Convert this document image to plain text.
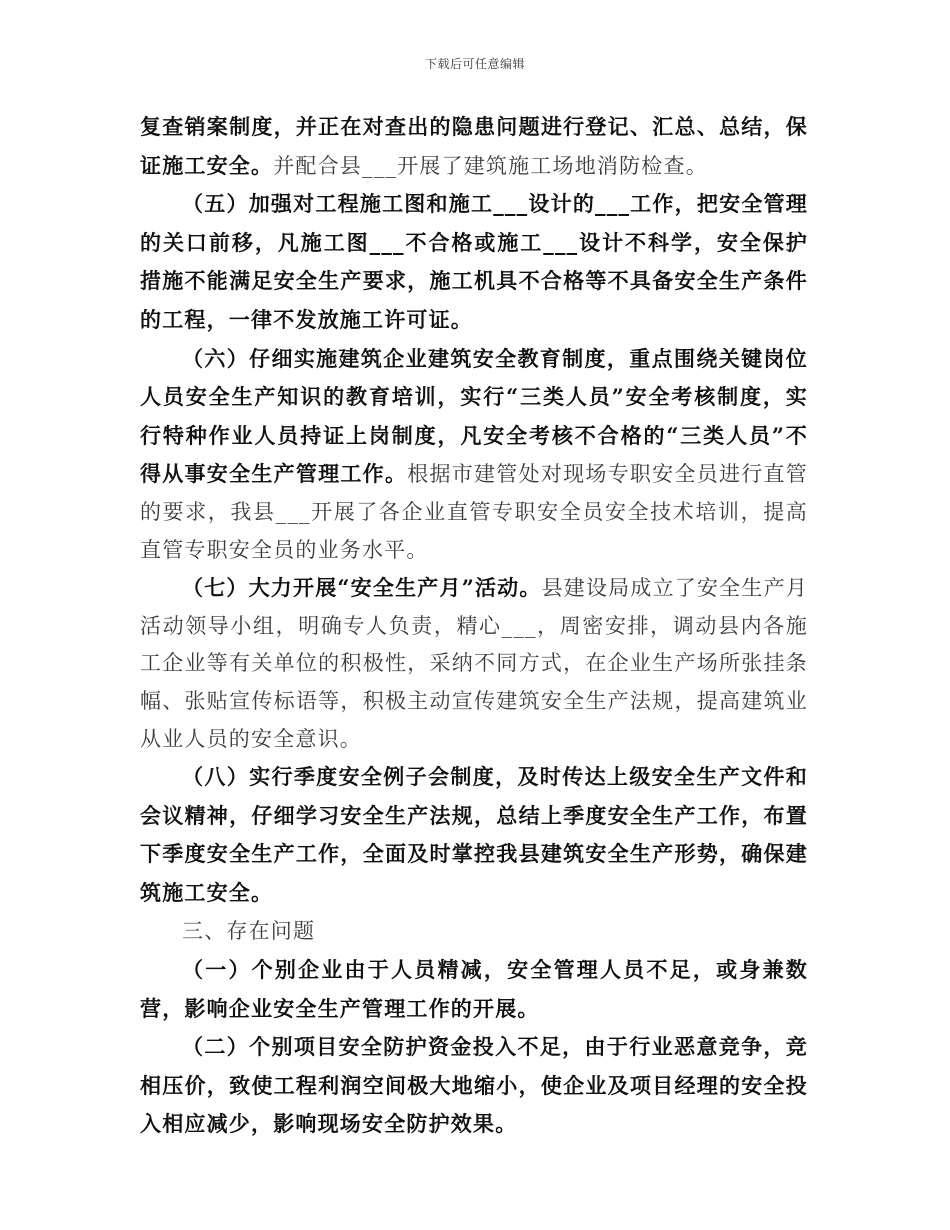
下载后可任意编辑

复查销案制度，并正在对查出的隐患问题进行登记、汇总、总结，保证施工安全。并配合县___开展了建筑施工场地消防检查。

（五）加强对工程施工图和施工___设计的___工作，把安全管理的关口前移，凡施工图___不合格或施工___设计不科学，安全保护措施不能满足安全生产要求，施工机具不合格等不具备安全生产条件的工程，一律不发放施工许可证。

（六）仔细实施建筑企业建筑安全教育制度，重点围绕关键岗位人员安全生产知识的教育培训，实行“三类人员”安全考核制度，实行特种作业人员持证上岗制度，凡安全考核不合格的“三类人员”不得从事安全生产管理工作。根据市建管处对现场专职安全员进行直管的要求，我县___开展了各企业直管专职安全员安全技术培训，提高直管专职安全员的业务水平。

（七）大力开展“安全生产月”活动。县建设局成立了安全生产月活动领导小组，明确专人负责，精心___，周密安排，调动县内各施工企业等有关单位的积极性，采纳不同方式，在企业生产场所张挂条幅、张贴宣传标语等，积极主动宣传建筑安全生产法规，提高建筑业从业人员的安全意识。

（八）实行季度安全例子会制度，及时传达上级安全生产文件和会议精神，仔细学习安全生产法规，总结上季度安全生产工作，布置下季度安全生产工作，全面及时掌控我县建筑安全生产形势，确保建筑施工安全。

三、存在问题

（一）个别企业由于人员精减，安全管理人员不足，或身兼数营，影响企业安全生产管理工作的开展。

（二）个别项目安全防护资金投入不足，由于行业恶意竞争，竞相压价，致使工程利润空间极大地缩小，使企业及项目经理的安全投入相应减少，影响现场安全防护效果。
